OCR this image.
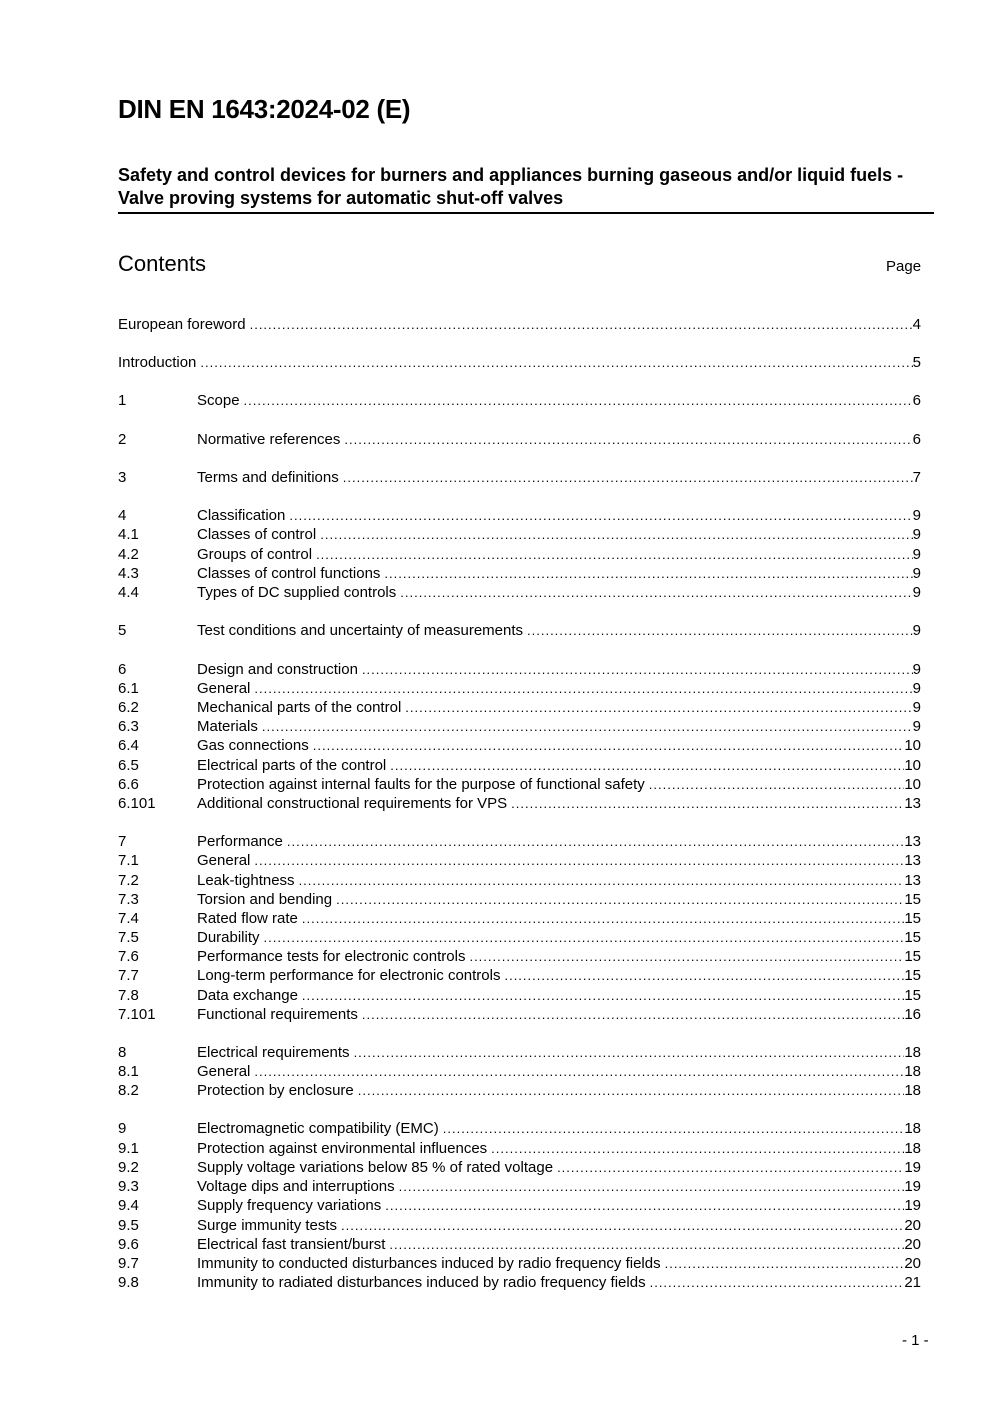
DIN EN 1643:2024-02 (E)
Safety and control devices for burners and appliances burning gaseous and/or liquid fuels - Valve proving systems for automatic shut-off valves
Contents	Page
European foreword .....	4
Introduction .....	5
1	Scope .....	6
2	Normative references .....	6
3	Terms and definitions .....	7
4	Classification .....	9
4.1	Classes of control .....	9
4.2	Groups of control .....	9
4.3	Classes of control functions .....	9
4.4	Types of DC supplied controls .....	9
5	Test conditions and uncertainty of measurements .....	9
6	Design and construction .....	9
6.1	General .....	9
6.2	Mechanical parts of the control .....	9
6.3	Materials .....	9
6.4	Gas connections .....	10
6.5	Electrical parts of the control .....	10
6.6	Protection against internal faults for the purpose of functional safety .....	10
6.101	Additional constructional requirements for VPS .....	13
7	Performance .....	13
7.1	General .....	13
7.2	Leak-tightness .....	13
7.3	Torsion and bending .....	15
7.4	Rated flow rate .....	15
7.5	Durability .....	15
7.6	Performance tests for electronic controls .....	15
7.7	Long-term performance for electronic controls .....	15
7.8	Data exchange .....	15
7.101	Functional requirements .....	16
8	Electrical requirements .....	18
8.1	General .....	18
8.2	Protection by enclosure .....	18
9	Electromagnetic compatibility (EMC) .....	18
9.1	Protection against environmental influences .....	18
9.2	Supply voltage variations below 85 % of rated voltage .....	19
9.3	Voltage dips and interruptions .....	19
9.4	Supply frequency variations .....	19
9.5	Surge immunity tests .....	20
9.6	Electrical fast transient/burst .....	20
9.7	Immunity to conducted disturbances induced by radio frequency fields .....	20
9.8	Immunity to radiated disturbances induced by radio frequency fields .....	21
- 1 -
